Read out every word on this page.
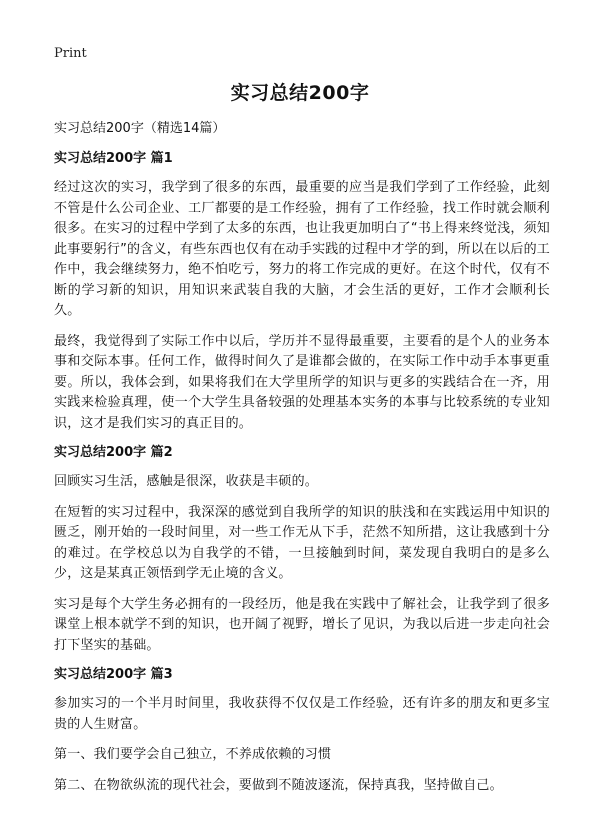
Print
实习总结200字

实习总结200字（精选14篇）

实习总结200字 篇1

经过这次的实习，我学到了很多的东西，最重要的应当是我们学到了工作经验，此刻不管是什么公司企业、工厂都要的是工作经验，拥有了工作经验，找工作时就会顺利很多。在实习的过程中学到了太多的东西，也让我更加明白了“书上得来终觉浅，须知此事要躬行”的含义，有些东西也仅有在动手实践的过程中才学的到，所以在以后的工作中，我会继续努力，绝不怕吃亏，努力的将工作完成的更好。在这个时代，仅有不断的学习新的知识，用知识来武装自我的大脑，才会生活的更好，工作才会顺利长久。

最终，我觉得到了实际工作中以后，学历并不显得最重要，主要看的是个人的业务本事和交际本事。任何工作，做得时间久了是谁都会做的，在实际工作中动手本事更重要。所以，我体会到，如果将我们在大学里所学的知识与更多的实践结合在一齐，用实践来检验真理，使一个大学生具备较强的处理基本实务的本事与比较系统的专业知识，这才是我们实习的真正目的。

实习总结200字 篇2

回顾实习生活，感触是很深，收获是丰硕的。

在短暂的实习过程中，我深深的感觉到自我所学的知识的肤浅和在实践运用中知识的匮乏，刚开始的一段时间里，对一些工作无从下手，茫然不知所措，这让我感到十分的难过。在学校总以为自我学的不错，一旦接触到时间，菜发现自我明白的是多么少，这是某真正领悟到学无止境的含义。

实习是每个大学生务必拥有的一段经历，他是我在实践中了解社会，让我学到了很多课堂上根本就学不到的知识，也开阔了视野，增长了见识，为我以后进一步走向社会打下坚实的基础。

实习总结200字 篇3

参加实习的一个半月时间里，我收获得不仅仅是工作经验，还有许多的朋友和更多宝贵的人生财富。

第一、我们要学会自己独立，不养成依赖的习惯

第二、在物欲纵流的现代社会，要做到不随波逐流，保持真我，坚持做自己。
